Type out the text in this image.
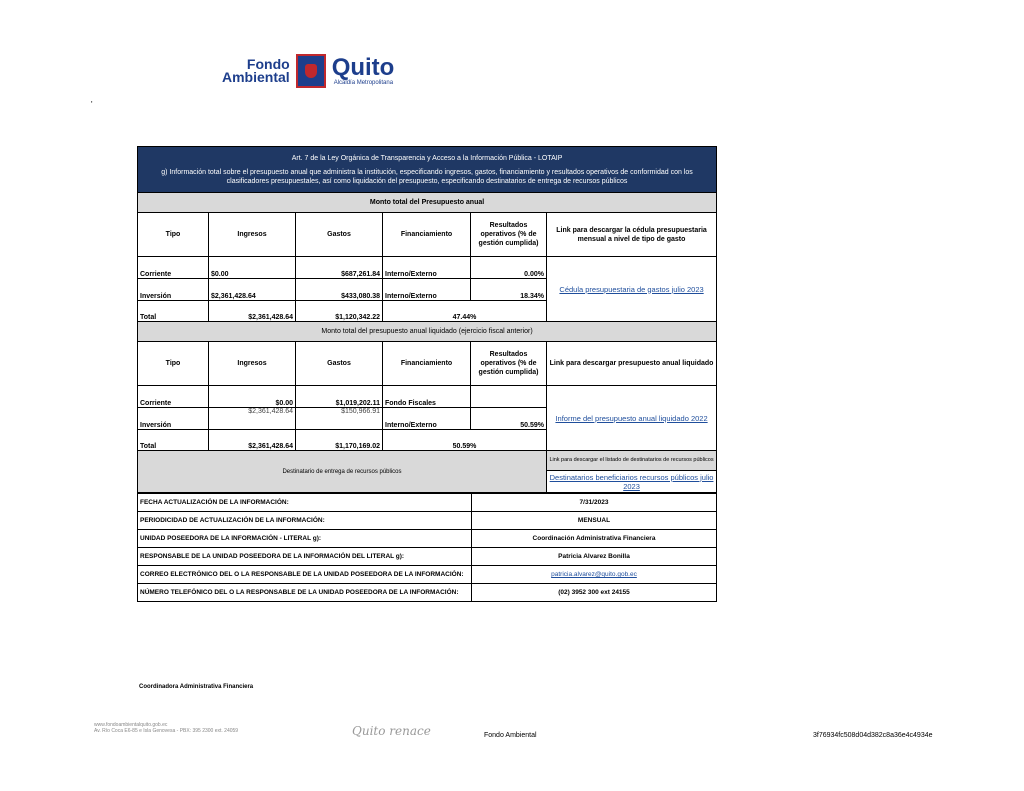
Fondo
Ambiental Quito
Alcaldía Metropolitana
'
Art. 7 de la Ley Orgánica de Transparencia y Acceso a la Información Pública - LOTAIP
g) Información total sobre el presupuesto anual que administra la institución, especificando ingresos, gastos, financiamiento y resultados operativos de conformidad con los clasificadores presupuestales, así como liquidación del presupuesto, especificando destinatarios de entrega de recursos públicos					
Monto total del Presupuesto anual					
Tipo	Ingresos	Gastos	Financiamiento	Resultados operativos (% de gestión cumplida)	Link para descargar la cédula presupuestaria mensual a nivel de tipo de gasto
Corriente	$0.00	$687,261.84	Interno/Externo	0.00%	Cédula presupuestaria de gastos julio 2023
Inversión	$2,361,428.64	$433,080.38	Interno/Externo	18.34%	
Total	$2,361,428.64	$1,120,342.22	47.44%		
Monto total del presupuesto anual liquidado (ejercicio fiscal anterior)					
Tipo	Ingresos	Gastos	Financiamiento	Resultados operativos (% de gestión cumplida)	Link para descargar presupuesto anual liquidado
Corriente	$0.00	$1,019,202.11	Fondo Fiscales		Informe del presupuesto anual liquidado 2022
Inversión	$2,361,428.64	$150,966.91	Interno/Externo	50.59%	
Total	$2,361,428.64	$1,170,169.02	50.59%		
Destinatario de entrega de recursos públicos					Link para descargar el listado de destinatarios de recursos públicos
					Destinatarios beneficiarios recursos públicos julio 2023
FECHA ACTUALIZACIÓN DE LA INFORMACIÓN:	7/31/2023
PERIODICIDAD DE ACTUALIZACIÓN DE LA INFORMACIÓN:	MENSUAL
UNIDAD POSEEDORA DE LA INFORMACIÓN - LITERAL g):	Coordinación Administrativa Financiera
RESPONSABLE DE LA UNIDAD POSEEDORA DE LA INFORMACIÓN DEL LITERAL g):	Patricia Alvarez Bonilla
CORREO ELECTRÓNICO DEL O LA RESPONSABLE DE LA UNIDAD POSEEDORA DE LA INFORMACIÓN:	patricia.alvarez@quito.gob.ec
NÚMERO TELEFÓNICO DEL O LA RESPONSABLE DE LA UNIDAD POSEEDORA DE LA INFORMACIÓN:	(02) 3952 300 ext 24155
Coordinadora Administrativa Financiera
www.fondoambientalquito.gob.ec
Av. Río Coca E6-85 e Isla Genovesa - PBX: 395 2300 ext. 24059	Quito renace	Fondo Ambiental	3f76934fc508d04d382c8a36e4c4934e
